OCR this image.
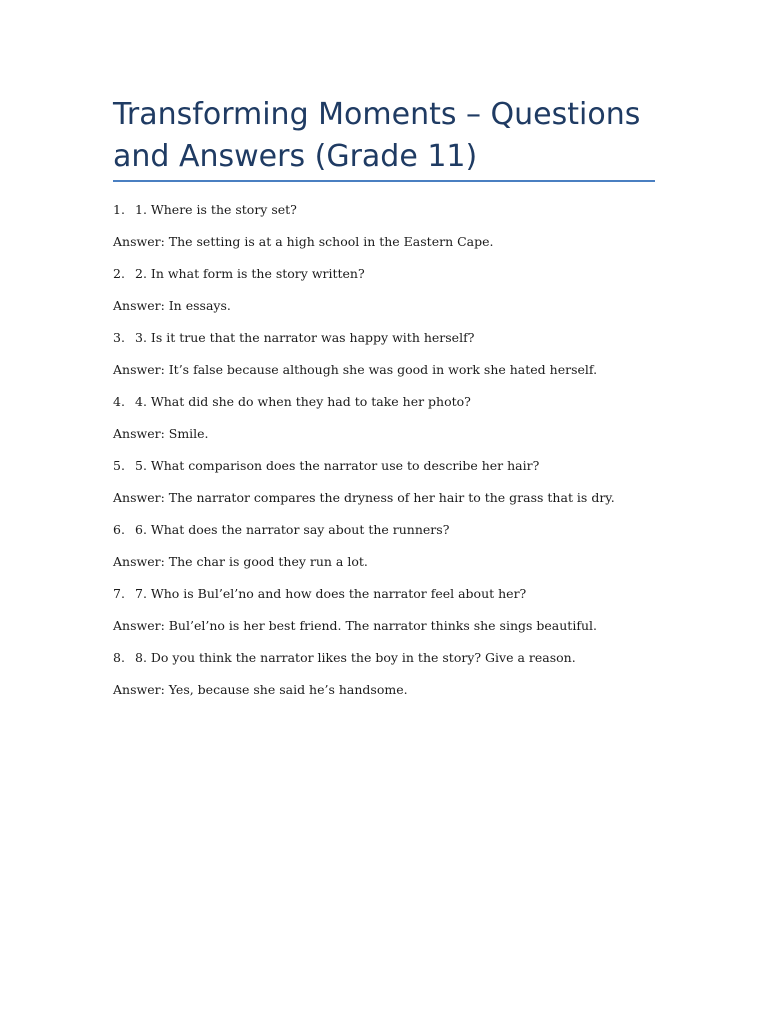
Transforming Moments – Questions and Answers (Grade 11)
1. 1. Where is the story set?
Answer: The setting is at a high school in the Eastern Cape.
2. 2. In what form is the story written?
Answer: In essays.
3. 3. Is it true that the narrator was happy with herself?
Answer: It’s false because although she was good in work she hated herself.
4. 4. What did she do when they had to take her photo?
Answer: Smile.
5. 5. What comparison does the narrator use to describe her hair?
Answer: The narrator compares the dryness of her hair to the grass that is dry.
6. 6. What does the narrator say about the runners?
Answer: The char is good they run a lot.
7. 7. Who is Bul’el’no and how does the narrator feel about her?
Answer: Bul’el’no is her best friend. The narrator thinks she sings beautiful.
8. 8. Do you think the narrator likes the boy in the story? Give a reason.
Answer: Yes, because she said he’s handsome.
